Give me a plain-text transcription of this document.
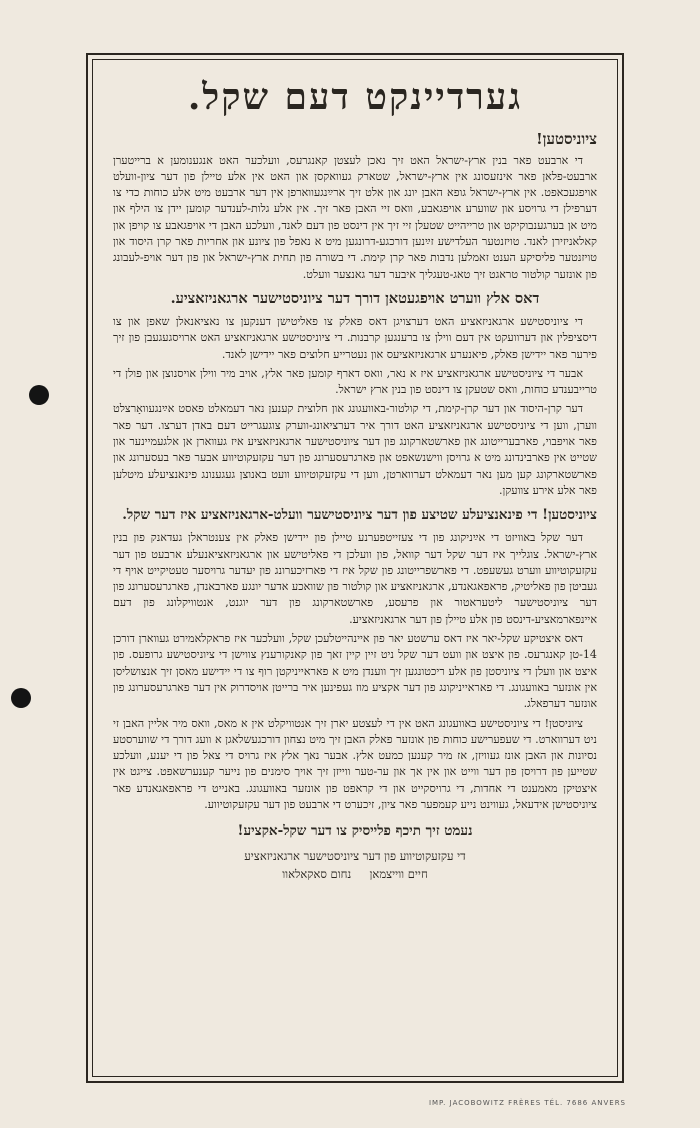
גערדיינקט דעם שקל.
ציוניסטען!

די ארבעט פאר בנין ארץ-ישראל האט זיך נאכן לעצטן קאנגרעס, וועלכער האט אנגענומען א ברייטערן ארבעט-פלאן פאר אינזעסונג אין ארץ-ישראל, שטארק געוואקסן און האט אין אלע טיילן פון דער ציון-וועלט אויפגעכאפט. אין ארץ-ישראל גופא האבן יונג און אלט זיך ארײַנגעווארפן אין דער ארבעט מיט אלע כוחות כדי צו דערפילן די גרויסע און שווערע אויפגאבע, וואס זיי האבן פאר זיך. אין אלע גלות-לענדער קומען יידן צו הילף און מיט אן בערגענבוקיקט און טרייהייט שטעלן זיי זיך אין דינסט פון דעם לאנד, וועלכע האבן די אויפגאבע צו קויפן און קאלאניזירן לאנד. טויזנטער העלדישע זײַנען דורכגע-דרונגען מיט א נאפל פון ציונע און אחריות פאר קרן היסוד און טויזנטער פליסיקע הענט זאמלען נדבות פאר קרן קימת. די בשורה פון תחית ארץ-ישראל און פון דער אויפ-לעבונג פון אונזער קולטור טראגט זיך טאג-טעגליך איבער דער גאנצער וועלט.

דאס אלץ ווערט אויפגעטאן דורך דער ציוניסטישער ארגאניזאציע.

די ציוניסטישע ארגאניזאציע האט דערצויגן דאס פאלק צו פאליטישן דענקען צו נאציאנאלן שאפן און צו דיסציפלין און דערוועקט אין דעם ווילן צו ברענגען קרבנות. די ציוניסטישע ארגאניזאציע האט ארויסגעגעבן פון זיך פירער פאר יידישן פאלק, פיאנערע ארגאניזאציעס און נעטרייע חלוצים פאר יידישן לאנד.

אבער די ציוניסטישע ארגאניזאציע איז א נאר, וואס דארף קומען פאר אלץ, אויב מיר ווילן אויסנוצן און פולן די טרייבענדע כוחות, וואס שטעקן צו דינסט פון בנין ארץ ישראל.

דער קרן-היסוד און דער קרן-קימת, די קולטור-באוועגונג און חלוצית קענען נאר דעמאלט פאסט אײַנגעוואָרצלט ווערן, ווען די ציוניסטישע ארגאניזאציע האט דורך איר דערציאונג-ווערק צוגעגרייט דעם באדן דערצו. דער פאר פאר אויפבוי, פארבערייטונג און פארשטארקונג פון דער ציוניסטישער ארגאניזאציע איז געווארן אן אלגעמיינער און שטייט אין פארבינדונג מיט א גרויסן ווישנשאפט און פארגרעסערונג פון דער עקזעקוטיווע אבער פאר בעסערונג און פארשטארקונג קען מען נאר דעמאלט דערווארטן, ווען די עקזעקוטיווע וועט באנוצן געגענונג פינאנציעלע מיטלען פאר אלע אירע צוועקן.

ציוניסטען! די פינאנציעלע שטיצע פון דער ציוניסטישער וועלט-ארגאניזאציע איז דער שקל.

דער שקל באוויזט די אײַניקונג פון די צעזייטפערנע טיילן פון יידישן פאלק אין צענטראלן געדאנק פון בנין ארץ-ישראל. צוגלייך איז דער שקל דער קוואל, פון וועלכן די פאליטישע און ארגאניזאציאנעלע ארבעט פון דער עקזעקוטיווע ווערט געשעפט. די פארשפרייטונג פון שקל איז די פארזיכערונג פון יעדער גרויסער טעטיקייט אויף די געביטן פון פאליטיק, פראפאגאנדע, ארגאניזאציע און קולטור פון שוואכע אדער יונגע פארבאנדן, פארגרעסערונג פון דער ציוניסטישער ליטעראטור און פרעסע, פארשטארקונג פון דער יוגנט, אנטוויקלונג פון דעם איינפארמאציע-דינסט פון אלע טיילן פון דער ארגאניזאציע.

דאס איצטיקע שקל-יאר איז דאס ערשטע יאר פון איינהייטלעכן שקל, וועלכער איז פראקלאמירט געווארן דורכן 14-טן קאנגרעס. פון איצט און וועט דער שקל ניט זיין קיין זאך פון קאנקורענץ צווישן די ציוניסטישע גרופעס. פון איצט און וועלן די ציוניסטן פון אלע ריכטונגען זיך ווענדן מיט א פאראייניקטן רוף צו די יידישע מאסן זיך אנצושליסן אין אונזער באוועגונג. די פאראייניקונג פון דער אקציע מוז געפינען איר ברייטן אויסדרוק אין דער פארגרעסערונג פון אונזער דערפאלג.

ציוניסטן! די ציוניסטישע באוועגונג האט אין די לעצטע יארן זיך אנטוויקלט אין א מאס, וואס מיר אליין האבן זי ניט דערווארט. די שעפערישע כוחות פון אונזער פאלק האבן זיך מיט נצחון דורכגעשלאגן א וועג דורך די שווערסטע נסיונות און האבן אונז געוויזן, אז מיר קענען כמעט אלץ. אבער נאך אלץ איז גרויס די צאל פון די יענע, וועלכע שטייען פון דרויסן פון דער ווייט און אין אך און ער-טער ווייזן זיך אויך סימנים פון נייער קענערשאפט. צייגט אין איצטיקן מאמענט די אחדות, די גרויסקייט און די קראפט פון אונזער באוועגונג. באנייט די פראפאגאנדע פאר ציוניסטישן אידעאל, געווינט נייע קעמפער פאר ציון, זיכערט די ארבעט פון דער עקזעקוטיווע.

נעמט זיך תיכף פלייסיק צו דער שקל-אקציע!
די עקזעקוטיווע פון דער ציוניסטישער ארגאניזאציע
חיים ווייצמאן     נחום סאקאלאוו
IMP. JACOBOWITZ FRÈRES TÉL. 7686 ANVERS
